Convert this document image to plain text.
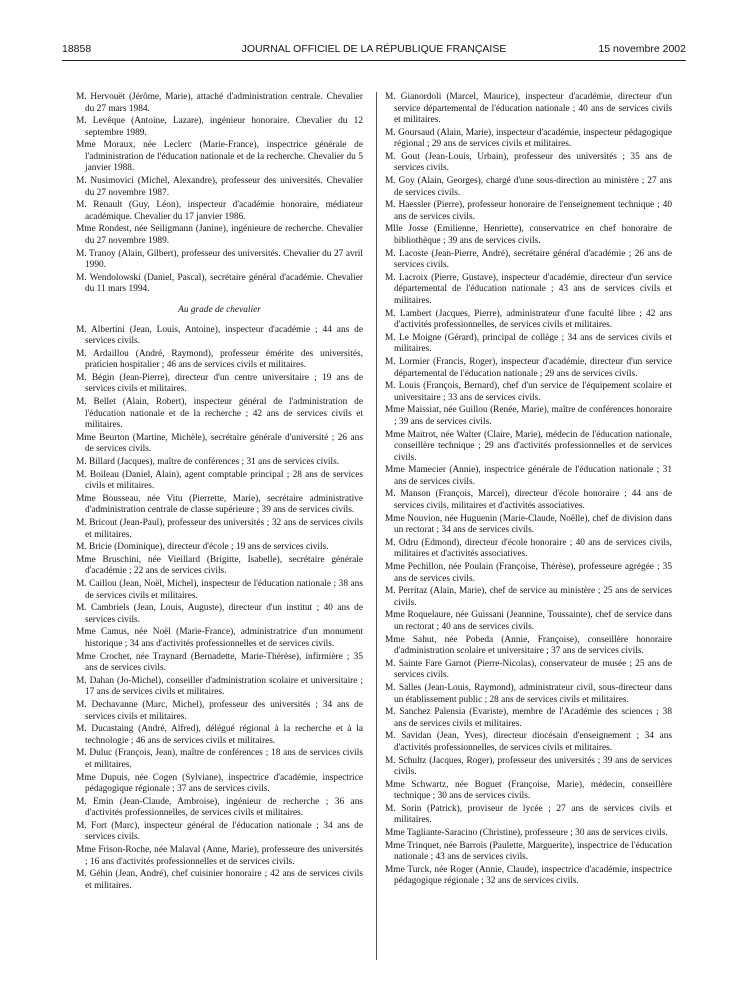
18858	JOURNAL OFFICIEL DE LA RÉPUBLIQUE FRANÇAISE	15 novembre 2002

M. Hervouët (Jérôme, Marie), attaché d'administration centrale. Chevalier du 27 mars 1984.

M. Levêque (Antoine, Lazare), ingénieur honoraire. Chevalier du 12 septembre 1989.

Mme Moraux, née Leclerc (Marie-France), inspectrice générale de l'administration de l'éducation nationale et de la recherche. Chevalier du 5 janvier 1988.

M. Nusimovici (Michel, Alexandre), professeur des universités. Chevalier du 27 novembre 1987.

M. Renault (Guy, Léon), inspecteur d'académie honoraire, médiateur académique. Chevalier du 17 janvier 1986.

Mme Rondest, née Seiligmann (Janine), ingénieure de recherche. Chevalier du 27 novembre 1989.

M. Tranoy (Alain, Gilbert), professeur des universités. Chevalier du 27 avril 1990.

M. Wendolowski (Daniel, Pascal), secrétaire général d'académie. Chevalier du 11 mars 1994.

Au grade de chevalier

M. Albertini (Jean, Louis, Antoine), inspecteur d'académie ; 44 ans de services civils.

M. Ardaillou (André, Raymond), professeur émérite des universités, praticien hospitalier ; 46 ans de services civils et militaires.

M. Bégin (Jean-Pierre), directeur d'un centre universitaire ; 19 ans de services civils et militaires.

M. Bellet (Alain, Robert), inspecteur général de l'administration de l'éducation nationale et de la recherche ; 42 ans de services civils et militaires.

Mme Beurton (Martine, Michèle), secrétaire générale d'université ; 26 ans de services civils.

M. Billard (Jacques), maître de conférences ; 31 ans de services civils.

M. Boileau (Daniel, Alain), agent comptable principal ; 28 ans de services civils et militaires.

Mme Bousseau, née Vitu (Pierrette, Marie), secrétaire administrative d'administration centrale de classe supérieure ; 39 ans de services civils.

M. Bricout (Jean-Paul), professeur des universités ; 32 ans de services civils et militaires.

M. Bricie (Dominique), directeur d'école ; 19 ans de services civils.

Mme Bruschini, née Vieillard (Brigitte, Isabelle), secrétaire générale d'académie ; 22 ans de services civils.

M. Caillou (Jean, Noël, Michel), inspecteur de l'éducation nationale ; 38 ans de services civils et militaires.

M. Cambriels (Jean, Louis, Auguste), directeur d'un institut ; 40 ans de services civils.

Mme Camus, née Noël (Marie-France), administratrice d'un monument historique ; 34 ans d'activités professionnelles et de services civils.

Mme Crochet, née Traynard (Bernadette, Marie-Thérèse), infirmière ; 35 ans de services civils.

M. Dahan (Jo-Michel), conseiller d'administration scolaire et universitaire ; 17 ans de services civils et militaires.

M. Dechavanne (Marc, Michel), professeur des universités ; 34 ans de services civils et militaires.

M. Ducastaing (André, Alfred), délégué régional à la recherche et à la technologie ; 46 ans de services civils et militaires.

M. Duluc (François, Jean), maître de conférences ; 18 ans de services civils et militaires.

Mme Dupuis, née Cogen (Sylviane), inspectrice d'académie, inspectrice pédagogique régionale ; 37 ans de services civils.

M. Emin (Jean-Claude, Ambroise), ingénieur de recherche ; 36 ans d'activités professionnelles, de services civils et militaires.

M. Fort (Marc), inspecteur général de l'éducation nationale ; 34 ans de services civils.

Mme Frison-Roche, née Malaval (Anne, Marie), professeure des universités ; 16 ans d'activités professionnelles et de services civils.

M. Géhin (Jean, André), chef cuisinier honoraire ; 42 ans de services civils et militaires.

M. Gianordoli (Marcel, Maurice), inspecteur d'académie, directeur d'un service départemental de l'éducation nationale ; 40 ans de services civils et militaires.

M. Goursaud (Alain, Marie), inspecteur d'académie, inspecteur pédagogique régional ; 29 ans de services civils et militaires.

M. Gout (Jean-Louis, Urbain), professeur des universités ; 35 ans de services civils.

M. Goy (Alain, Georges), chargé d'une sous-direction au ministère ; 27 ans de services civils.

M. Haessler (Pierre), professeur honoraire de l'enseignement technique ; 40 ans de services civils.

Mlle Josse (Emilienne, Henriette), conservatrice en chef honoraire de bibliothèque ; 39 ans de services civils.

M. Lacoste (Jean-Pierre, André), secrétaire général d'académie ; 26 ans de services civils.

M. Lacroix (Pierre, Gustave), inspecteur d'académie, directeur d'un service départemental de l'éducation nationale ; 43 ans de services civils et militaires.

M. Lambert (Jacques, Pierre), administrateur d'une faculté libre ; 42 ans d'activités professionnelles, de services civils et militaires.

M. Le Moigne (Gérard), principal de collège ; 34 ans de services civils et militaires.

M. Lormier (Francis, Roger), inspecteur d'académie, directeur d'un service départemental de l'éducation nationale ; 29 ans de services civils.

M. Louis (François, Bernard), chef d'un service de l'équipement scolaire et universitaire ; 33 ans de services civils.

Mme Maissiat, née Guillou (Renée, Marie), maître de conférences honoraire ; 39 ans de services civils.

Mme Maitrot, née Walter (Claire, Marie), médecin de l'éducation nationale, conseillère technique ; 29 ans d'activités professionnelles et de services civils.

Mme Mamecier (Annie), inspectrice générale de l'éducation nationale ; 31 ans de services civils.

M. Manson (François, Marcel), directeur d'école honoraire ; 44 ans de services civils, militaires et d'activités associatives.

Mme Nouvion, née Huguenin (Marie-Claude, Noëlle), chef de division dans un rectorat ; 34 ans de services civils.

M. Odru (Edmond), directeur d'école honoraire ; 40 ans de services civils, militaires et d'activités associatives.

Mme Pechillon, née Poulain (Françoise, Thérèse), professeure agrégée ; 35 ans de services civils.

M. Perritaz (Alain, Marie), chef de service au ministère ; 25 ans de services civils.

Mme Roquelaure, née Guissani (Jeannine, Toussainte), chef de service dans un rectorat ; 40 ans de services civils.

Mme Sahut, née Pobeda (Annie, Françoise), conseillère honoraire d'administration scolaire et universitaire ; 37 ans de services civils.

M. Sainte Fare Garnot (Pierre-Nicolas), conservateur de musée ; 25 ans de services civils.

M. Salles (Jean-Louis, Raymond), administrateur civil, sous-directeur dans un établissement public ; 28 ans de services civils et militaires.

M. Sanchez Palensia (Evariste), membre de l'Académie des sciences ; 38 ans de services civils et militaires.

M. Savidan (Jean, Yves), directeur diocésain d'enseignement ; 34 ans d'activités professionnelles, de services civils et militaires.

M. Schultz (Jacques, Roger), professeur des universités ; 39 ans de services civils.

Mme Schwartz, née Boguet (Françoise, Marie), médecin, conseillère technique ; 30 ans de services civils.

M. Sorin (Patrick), proviseur de lycée ; 27 ans de services civils et militaires.

Mme Tagliante-Saracino (Christine), professeure ; 30 ans de services civils.

Mme Trinquet, née Barrois (Paulette, Marguerite), inspectrice de l'éducation nationale ; 43 ans de services civils.

Mme Turck, née Roger (Annie, Claude), inspectrice d'académie, inspectrice pédagogique régionale ; 32 ans de services civils.
